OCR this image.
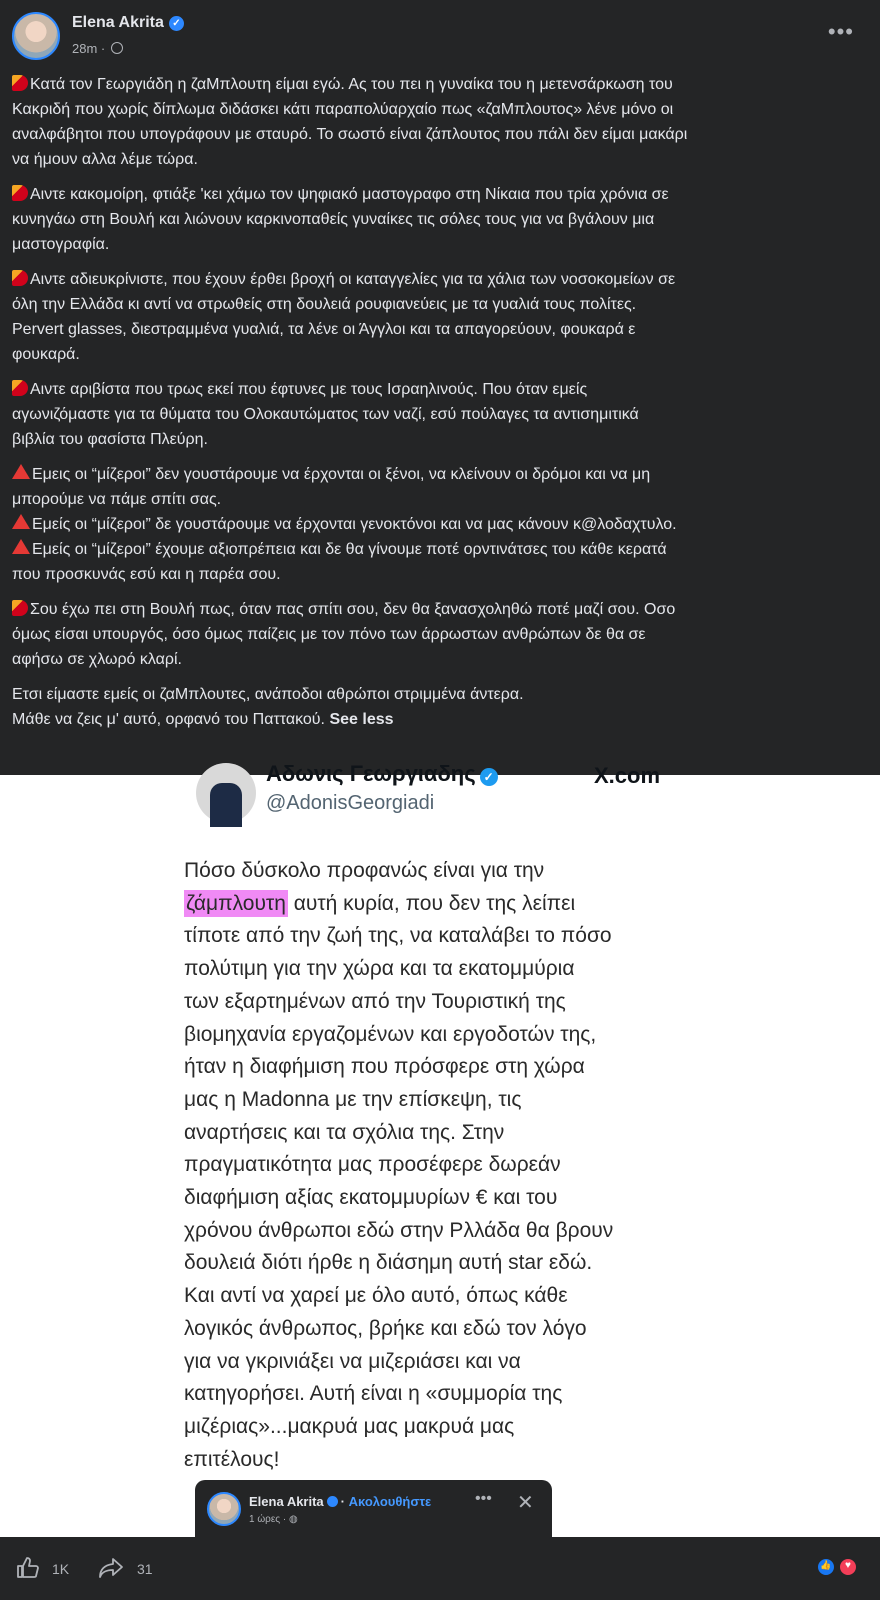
Elena Akrita ✓
28m ·
•••
Κατά τον Γεωργιάδη η ζαΜπλουτη είμαι εγώ. Ας του πει η γυναίκα του η μετενσάρκωση του
Κακριδή που χωρίς δίπλωμα διδάσκει κάτι παραπολύαρχαίο πως «ζαΜπλουτος» λένε μόνο οι
αναλφάβητοι που υπογράφουν με σταυρό. Το σωστό είναι ζάπλουτος που πάλι δεν είμαι μακάρι
να ήμουν αλλα λέμε τώρα.
Αιντε κακομοίρη, φτιάξε 'κει χάμω τον ψηφιακό μαστογραφο στη Νίκαια που τρία χρόνια σε
κυνηγάω στη Βουλή και λιώνουν καρκινοπαθείς γυναίκες τις σόλες τους για να βγάλουν μια
μαστογραφία.
Αιντε αδιευκρίνιστε, που έχουν έρθει βροχή οι καταγγελίες για τα χάλια των νοσοκομείων σε
όλη την Ελλάδα κι αντί να στρωθείς στη δουλειά ρουφιανεύεις με τα γυαλιά τους πολίτες.
Pervert glasses, διεστραμμένα γυαλιά, τα λένε οι Άγγλοι και τα απαγορεύουν, φουκαρά ε
φουκαρά.
Αιντε αριβίστα που τρως εκεί που έφτυνες με τους Ισραηλινούς. Που όταν εμείς
αγωνιζόμαστε για τα θύματα του Ολοκαυτώματος των ναζί, εσύ πούλαγες τα αντισημιτικά
βιβλία του φασίστα Πλεύρη.
Εμεις οι “μίζεροι” δεν γουστάρουμε να έρχονται οι ξένοι, να κλείνουν οι δρόμοι και να μη
μπορούμε να πάμε σπίτι σας.
Εμείς οι “μίζεροι” δε γουστάρουμε να έρχονται γενοκτόνοι και να μας κάνουν κ@λοδαχτυλο.
Εμείς οι “μίζεροι” έχουμε αξιοπρέπεια και δε θα γίνουμε ποτέ ορντινάτσες του κάθε κερατά
που προσκυνάς εσύ και η παρέα σου.
Σου έχω πει στη Βουλή πως, όταν πας σπίτι σου, δεν θα ξανασχοληθώ ποτέ μαζί σου. Οσο
όμως είσαι υπουργός, όσο όμως παίζεις με τον πόνο των άρρωστων ανθρώπων δε θα σε
αφήσω σε χλωρό κλαρί.
Ετσι είμαστε εμείς οι ζαΜπλουτες, ανάποδοι αθρώποι στριμμένα άντερα.
Μάθε να ζεις μ' αυτό, ορφανό του Παττακού. See less
Αδωνις Γεωργιαδης ✓
@AdonisGeorgiadi
X.com
Πόσο δύσκολο προφανώς είναι για την
ζάμπλουτη αυτή κυρία, που δεν της λείπει
τίποτε από την ζωή της, να καταλάβει το πόσο
πολύτιμη για την χώρα και τα εκατομμύρια
των εξαρτημένων από την Τουριστική της
βιομηχανία εργαζομένων και εργοδοτών της,
ήταν η διαφήμιση που πρόσφερε στη χώρα
μας η Madonna με την επίσκεψη, τις
αναρτήσεις και τα σχόλια της. Στην
πραγματικότητα μας προσέφερε δωρεάν
διαφήμιση αξίας εκατομμυρίων € και του
χρόνου άνθρωποι εδώ στην Ρλλάδα θα βρουν
δουλειά διότι ήρθε η διάσημη αυτή star εδώ.
Και αντί να χαρεί με όλο αυτό, όπως κάθε
λογικός άνθρωπος, βρήκε και εδώ τον λόγο
για να γκρινιάξει να μιζεριάσει και να
κατηγορήσει. Αυτή είναι η «συμμορία της
μιζέριας»...μακρυά μας μακρυά μας
επιτέλους!
Elena Akrita · Ακολουθήστε
1 ώρες · ◍
••• ✕
1K	31
👍
♥
